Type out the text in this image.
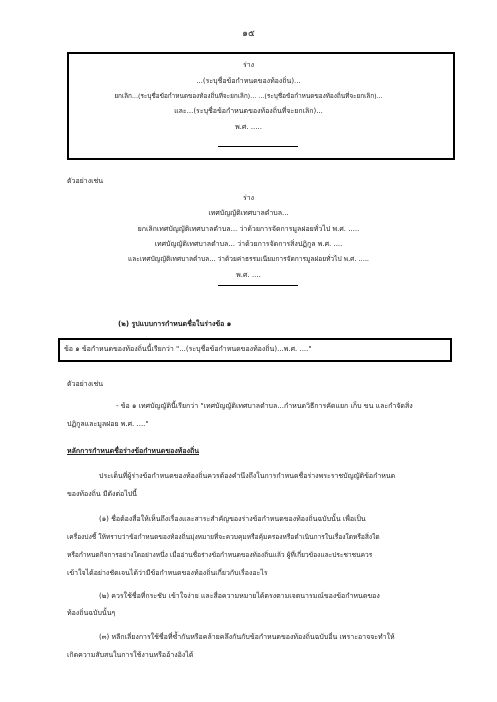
๑๕
ร่าง
...(ระบุชื่อข้อกำหนดของท้องถิ่น)...
ยกเลิก...(ระบุชื่อข้อกำหนดของท้องถิ่นที่จะยกเลิก)... ...(ระบุชื่อข้อกำหนดของท้องถิ่นที่จะยกเลิก)...
และ...(ระบุชื่อข้อกำหนดของท้องถิ่นที่จะยกเลิก)...
พ.ศ. .....
ตัวอย่างเช่น
ร่าง
เทศบัญญัติเทศบาลตำบล...
ยกเลิกเทศบัญญัติเทศบาลตำบล... ว่าด้วยการจัดการมูลฝอยทั่วไป พ.ศ. .....
เทศบัญญัติเทศบาลตำบล... ว่าด้วยการจัดการสิ่งปฏิกูล พ.ศ. ....
และเทศบัญญัติเทศบาลตำบล... ว่าด้วยค่าธรรมเนียมการจัดการมูลฝอยทั่วไป พ.ศ. .....
พ.ศ. ....
(๒) รูปแบบการกำหนดชื่อในร่างข้อ ๑
ข้อ ๑ ข้อกำหนดของท้องถิ่นนี้เรียกว่า "...(ระบุชื่อข้อกำหนดของท้องถิ่น)...พ.ศ. ...."
ตัวอย่างเช่น
- ข้อ ๑ เทศบัญญัตินี้เรียกว่า "เทศบัญญัติเทศบาลตำบล...กำหนดวิธีการคัดแยก เก็บ ขน และกำจัดสิ่ง
ปฏิกูลและมูลฝอย พ.ศ. ...."
หลักการกำหนดชื่อร่างข้อกำหนดของท้องถิ่น
ประเด็นที่ผู้ร่างข้อกำหนดของท้องถิ่นควรต้องคำนึงถึงในการกำหนดชื่อร่างพระราชบัญญัติข้อกำหนด
ของท้องถิ่น มีดังต่อไปนี้
(๑) ชื่อต้องสื่อให้เห็นถึงเรื่องและสาระสำคัญของร่างข้อกำหนดของท้องถิ่นฉบับนั้น เพื่อเป็น
เครื่องบ่งชี้ ให้ทราบว่าข้อกำหนดของท้องถิ่นมุ่งหมายที่จะควบคุมหรือคุ้มครองหรือดำเนินการในเรื่องใดหรือสิ่งใด
หรือกำหนดกิจการอย่างใดอย่างหนึ่ง เมื่ออ่านชื่อร่างข้อกำหนดของท้องถิ่นแล้ว ผู้ที่เกี่ยวข้องและประชาชนควร
เข้าใจได้อย่างชัดเจนได้ว่ามีข้อกำหนดของท้องถิ่นเกี่ยวกับเรื่องอะไร
(๒) ควรใช้ชื่อที่กระชับ เข้าใจง่าย และสื่อความหมายได้ตรงตามเจตนารมณ์ของข้อกำหนดของ
ท้องถิ่นฉบับนั้นๆ
(๓) หลีกเลี่ยงการใช้ชื่อที่ซ้ำกันหรือคล้ายคลึงกันกับข้อกำหนดของท้องถิ่นฉบับอื่น เพราะอาจจะทำให้
เกิดความสับสนในการใช้งานหรืออ้างอิงได้
